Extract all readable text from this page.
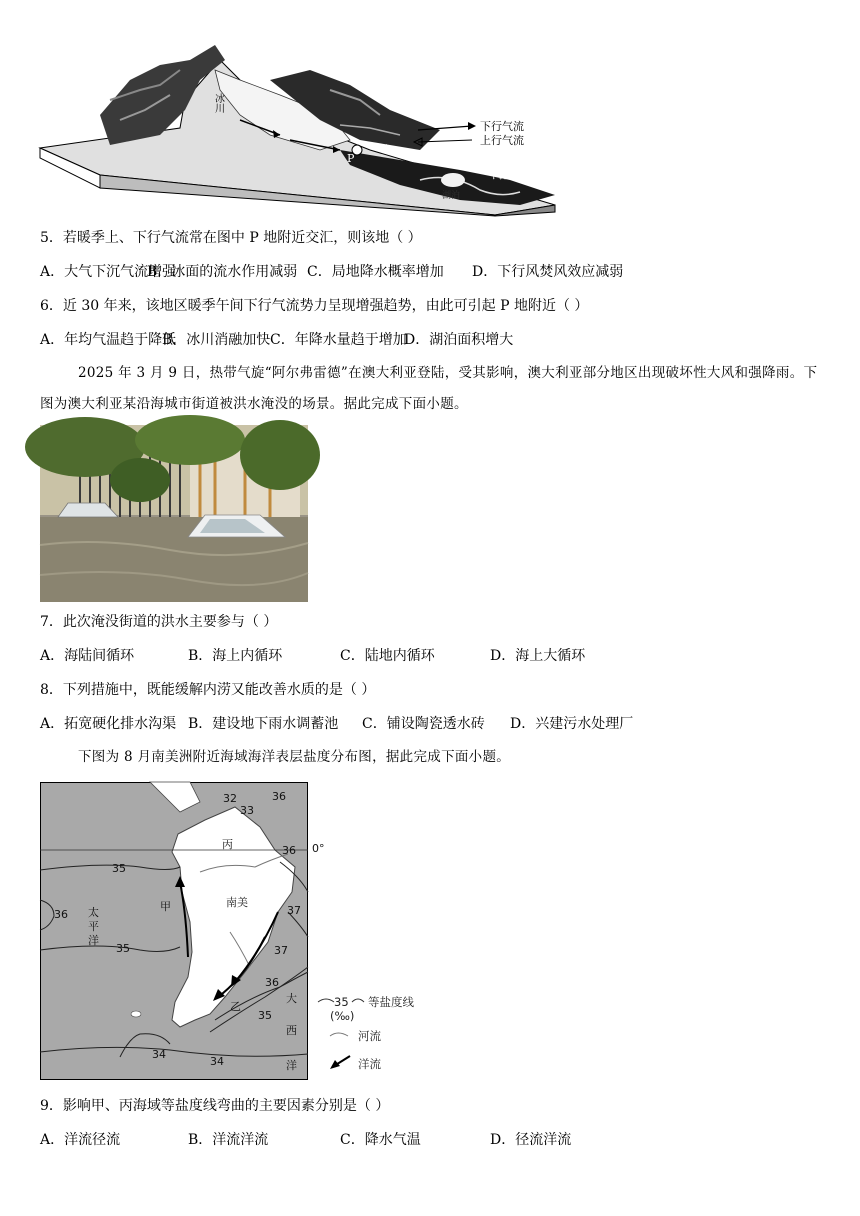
P
下行气流
上行气流
冰川
河流
湖泊
5．若暖季上、下行气流常在图中 P 地附近交汇，则该地（ ）
A．大气下沉气流增强B．冰面的流水作用减弱 C．局地降水概率增加 D．下行风焚风效应减弱
6．近 30 年来，该地区暖季午间下行气流势力呈现增强趋势，由此可引起 P 地附近（ ）
A．年均气温趋于降低B．冰川消融加快C．年降水量趋于增加D．湖泊面积增大
2025 年 3 月 9 日，热带气旋“阿尔弗雷德”在澳大利亚登陆，受其影响，澳大利亚部分地区出现破坏性大风和强降雨。下图为澳大利亚某沿海城市街道被洪水淹没的场景。据此完成下面小题。
7．此次淹没街道的洪水主要参与（ ）
A．海陆间循环	B．海上内循环	C．陆地内循环	D．海上大循环
8．下列措施中，既能缓解内涝又能改善水质的是（ ）
A．拓宽硬化排水沟渠 B．建设地下雨水调蓄池 C．铺设陶瓷透水砖 D．兴建污水处理厂
下图为 8 月南美洲附近海域海洋表层盐度分布图，据此完成下面小题。
32
33
36
36 0°
35
36
35
37
37
36
35
34
34
丙
甲
乙
南美
太
平
洋
大
西
洋
35 等盐度线
(‰)
河流
洋流
9．影响甲、丙海域等盐度线弯曲的主要因素分别是（ ）
A．洋流径流	B．洋流洋流	C．降水气温	D．径流洋流
